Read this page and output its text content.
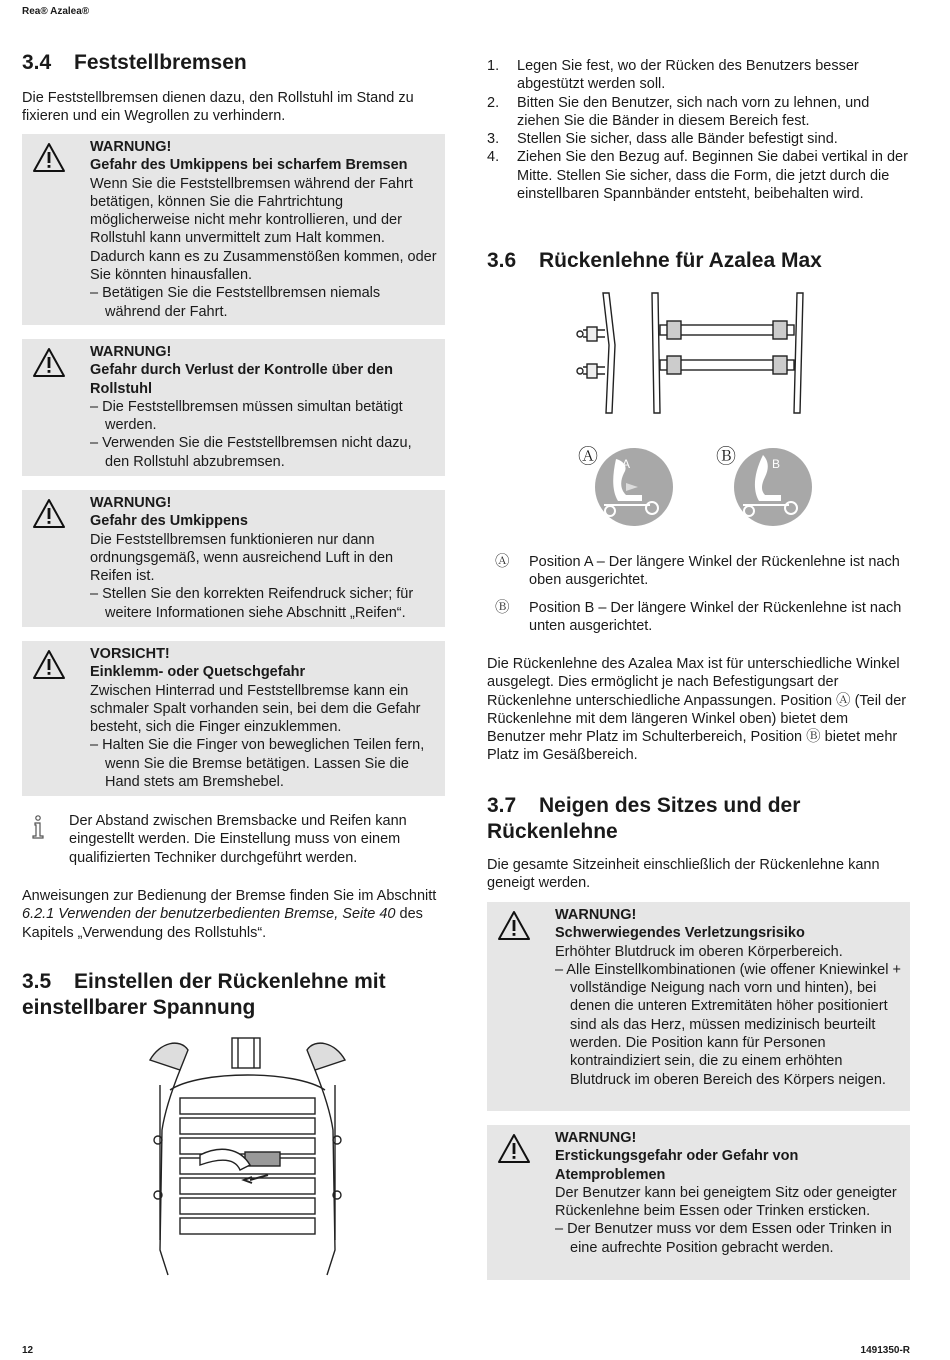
Rea® Azalea®
3.4 Feststellbremsen
Die Feststellbremsen dienen dazu, den Rollstuhl im Stand zu fixieren und ein Wegrollen zu verhindern.
WARNUNG!
Gefahr des Umkippens bei scharfem Bremsen
Wenn Sie die Feststellbremsen während der Fahrt betätigen, können Sie die Fahrtrichtung möglicherweise nicht mehr kontrollieren, und der Rollstuhl kann unvermittelt zum Halt kommen. Dadurch kann es zu Zusammenstößen kommen, oder Sie könnten hinausfallen.
– Betätigen Sie die Feststellbremsen niemals während der Fahrt.
WARNUNG!
Gefahr durch Verlust der Kontrolle über den Rollstuhl
– Die Feststellbremsen müssen simultan betätigt werden.
– Verwenden Sie die Feststellbremsen nicht dazu, den Rollstuhl abzubremsen.
WARNUNG!
Gefahr des Umkippens
Die Feststellbremsen funktionieren nur dann ordnungsgemäß, wenn ausreichend Luft in den Reifen ist.
– Stellen Sie den korrekten Reifendruck sicher; für weitere Informationen siehe Abschnitt „Reifen“.
VORSICHT!
Einklemm- oder Quetschgefahr
Zwischen Hinterrad und Feststellbremse kann ein schmaler Spalt vorhanden sein, bei dem die Gefahr besteht, sich die Finger einzuklemmen.
– Halten Sie die Finger von beweglichen Teilen fern, wenn Sie die Bremse betätigen. Lassen Sie die Hand stets am Bremshebel.
Der Abstand zwischen Bremsbacke und Reifen kann eingestellt werden. Die Einstellung muss von einem qualifizierten Techniker durchgeführt werden.
Anweisungen zur Bedienung der Bremse finden Sie im Abschnitt 6.2.1 Verwenden der benutzerbedienten Bremse, Seite 40 des Kapitels „Verwendung des Rollstuhls“.
3.5 Einstellen der Rückenlehne mit einstellbarer Spannung
1. Legen Sie fest, wo der Rücken des Benutzers besser abgestützt werden soll.
2. Bitten Sie den Benutzer, sich nach vorn zu lehnen, und ziehen Sie die Bänder in diesem Bereich fest.
3. Stellen Sie sicher, dass alle Bänder befestigt sind.
4. Ziehen Sie den Bezug auf. Beginnen Sie dabei vertikal in der Mitte. Stellen Sie sicher, dass die Form, die jetzt durch die einstellbaren Spannbänder entsteht, beibehalten wird.
3.6 Rückenlehne für Azalea Max
Ⓐ	Ⓑ
A	B
Ⓐ Position A – Der längere Winkel der Rückenlehne ist nach oben ausgerichtet.
Ⓑ Position B – Der längere Winkel der Rückenlehne ist nach unten ausgerichtet.
Die Rückenlehne des Azalea Max ist für unterschiedliche Winkel ausgelegt. Dies ermöglicht je nach Befestigungsart der Rückenlehne unterschiedliche Anpassungen. Position Ⓐ (Teil der Rückenlehne mit dem längeren Winkel oben) bietet dem Benutzer mehr Platz im Schulterbereich, Position Ⓑ bietet mehr Platz im Gesäßbereich.
3.7 Neigen des Sitzes und der Rückenlehne
Die gesamte Sitzeinheit einschließlich der Rückenlehne kann geneigt werden.
WARNUNG!
Schwerwiegendes Verletzungsrisiko
Erhöhter Blutdruck im oberen Körperbereich.
– Alle Einstellkombinationen (wie offener Kniewinkel + vollständige Neigung nach vorn und hinten), bei denen die unteren Extremitäten höher positioniert sind als das Herz, müssen medizinisch beurteilt werden. Die Position kann für Personen kontraindiziert sein, die zu einem erhöhten Blutdruck im oberen Bereich des Körpers neigen.
WARNUNG!
Erstickungsgefahr oder Gefahr von Atemproblemen
Der Benutzer kann bei geneigtem Sitz oder geneigter Rückenlehne beim Essen oder Trinken ersticken.
– Der Benutzer muss vor dem Essen oder Trinken in eine aufrechte Position gebracht werden.
12	1491350-R
